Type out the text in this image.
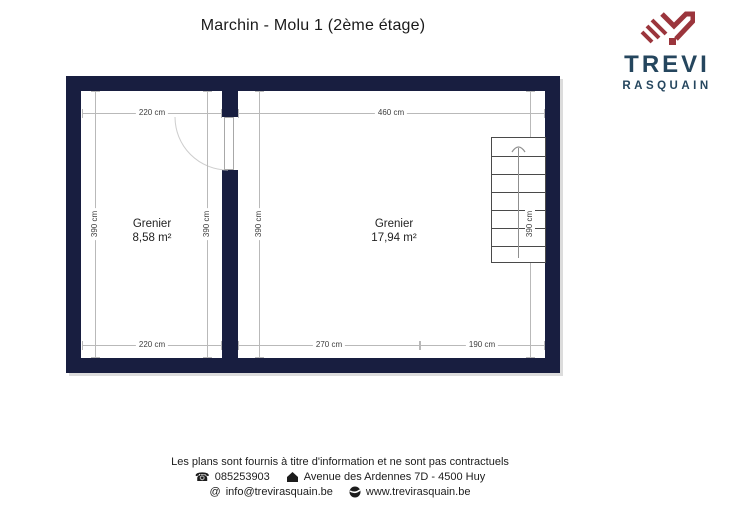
Marchin - Molu 1 (2ème étage)
TREVI
RASQUAIN
220 cm	460 cm
220 cm	270 cm	190 cm
390 cm	390 cm	390 cm	390 cm
Grenier
8,58 m²
Grenier
17,94 m²
Les plans sont fournis à titre d'information et ne sont pas contractuels
☎ 085253903	Avenue des Ardennes 7D - 4500 Huy
@ info@trevirasquain.be	www.trevirasquain.be
